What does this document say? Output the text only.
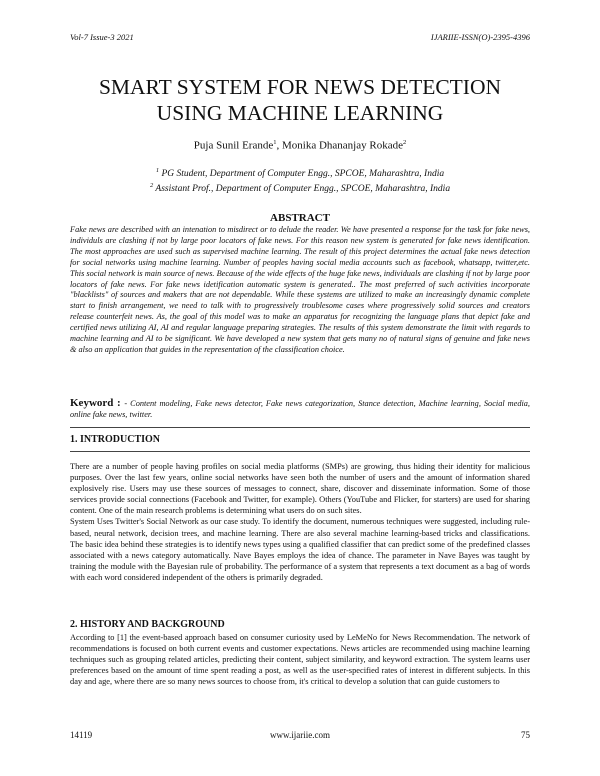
Vol-7 Issue-3 2021	IJARIIE-ISSN(O)-2395-4396
SMART SYSTEM FOR NEWS DETECTION
USING MACHINE LEARNING
Puja Sunil Erande$^1$, Monika Dhananjay Rokade$^2$
$^1$ PG Student, Department of Computer Engg., SPCOE, Maharashtra, India
$^2$ Assistant Prof., Department of Computer Engg., SPCOE, Maharashtra, India
ABSTRACT
Fake news are described with an intenation to misdirect or to delude the reader. We have presented a response for the task for fake news, individuls are clashing if not by large poor locators of fake news. For this reason new system is generated for fake news identification. The most approaches are used such as supervised machine learning. The result of this project determines the actual fake news detection for social networks using machine learning. Number of peoples having social media accounts such as facebook, whatsapp, twitter,etc. This social network is main source of news. Because of the wide effects of the huge fake news, individuals are clashing if not by large poor locators of fake news. For fake news idetification automatic system is generated.. The most preferred of such activities incorporate "blacklists" of sources and makers that are not dependable. While these systems are utilized to make an increasingly dynamic complete start to finish arrangement, we need to talk with to progressively troublesome cases where progressively solid sources and creators release counterfeit news. As, the goal of this model was to make an apparatus for recognizing the language plans that depict fake and certified news utilizing AI, AI and regular language preparing strategies. The results of this system demonstrate the limit with regards to machine learning and AI to be significant. We have developed a new system that gets many no of natural signs of genuine and fake news & also an application that guides in the representation of the classification choice.
Keyword : - Content modeling, Fake news detector, Fake news categorization, Stance detection, Machine learning, Social media, online fake news, twitter.
1. INTRODUCTION

There are a number of people having profiles on social media platforms (SMPs) are growing, thus hiding their identity for malicious purposes. Over the last few years, online social networks have seen both the number of users and the amount of information shared explosively rise. Users may use these sources of messages to connect, share, discover and disseminate information. Some of those services provide social connections (Facebook and Twitter, for example). Others (YouTube and Flicker, for starters) are used for sharing content. One of the main research problems is determining what users do on such sites.

System Uses Twitter's Social Network as our case study. To identify the document, numerous techniques were suggested, including rule-based, neural network, decision trees, and machine learning. There are also several machine learning-based tricks and classifications. The basic idea behind these strategies is to identify news types using a qualified classifier that can predict some of the predefined classes associated with a news category automatically. Nave Bayes employs the idea of chance. The parameter in Nave Bayes was taught by training the module with the Bayesian rule of probability. The performance of a system that represents a text document as a bag of words with each word considered independent of the others is primarily degraded.

2. HISTORY AND BACKGROUND

According to [1] the event-based approach based on consumer curiosity used by LeMeNo for News Recommendation. The network of recommendations is focused on both current events and customer expectations. News articles are recommended using machine learning techniques such as grouping related articles, predicting their content, subject similarity, and keyword extraction. The system learns user preferences based on the amount of time spent reading a post, as well as the user-specified rates of interest in different subjects. In this day and age, where there are so many news sources to choose from, it's critical to develop a solution that can guide customers to

14119	www.ijariie.com	75
